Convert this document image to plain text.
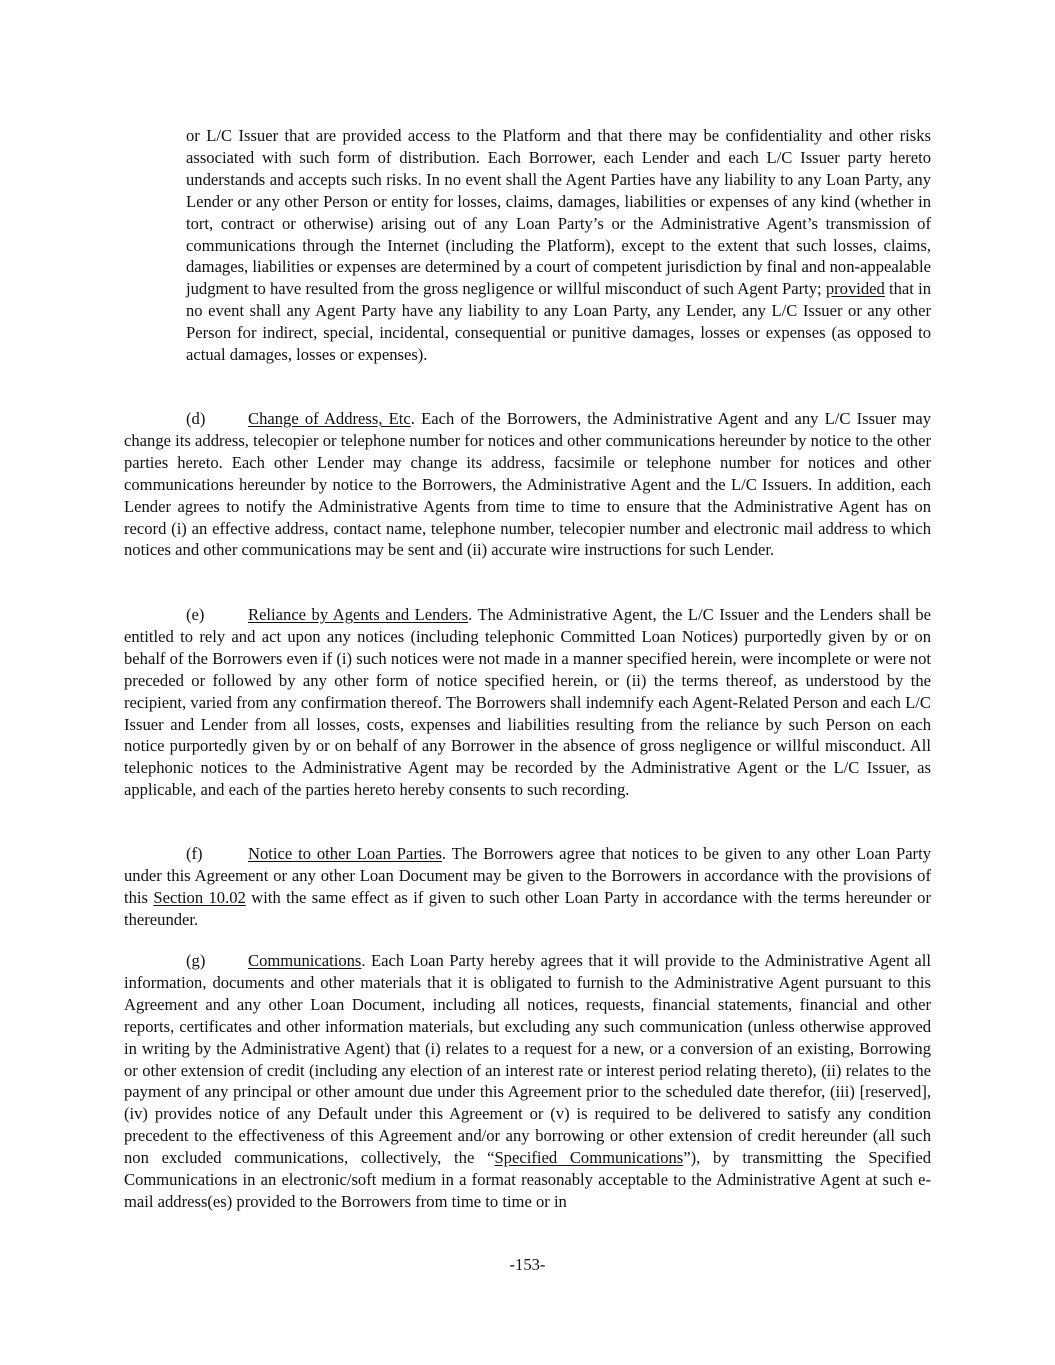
or L/C Issuer that are provided access to the Platform and that there may be confidentiality and other risks associated with such form of distribution. Each Borrower, each Lender and each L/C Issuer party hereto understands and accepts such risks. In no event shall the Agent Parties have any liability to any Loan Party, any Lender or any other Person or entity for losses, claims, damages, liabilities or expenses of any kind (whether in tort, contract or otherwise) arising out of any Loan Party’s or the Administrative Agent’s transmission of communications through the Internet (including the Platform), except to the extent that such losses, claims, damages, liabilities or expenses are determined by a court of competent jurisdiction by final and non-appealable judgment to have resulted from the gross negligence or willful misconduct of such Agent Party; provided that in no event shall any Agent Party have any liability to any Loan Party, any Lender, any L/C Issuer or any other Person for indirect, special, incidental, consequential or punitive damages, losses or expenses (as opposed to actual damages, losses or expenses).

(d)	Change of Address, Etc. Each of the Borrowers, the Administrative Agent and any L/C Issuer may change its address, telecopier or telephone number for notices and other communications hereunder by notice to the other parties hereto. Each other Lender may change its address, facsimile or telephone number for notices and other communications hereunder by notice to the Borrowers, the Administrative Agent and the L/C Issuers. In addition, each Lender agrees to notify the Administrative Agents from time to time to ensure that the Administrative Agent has on record (i) an effective address, contact name, telephone number, telecopier number and electronic mail address to which notices and other communications may be sent and (ii) accurate wire instructions for such Lender.

(e)	Reliance by Agents and Lenders. The Administrative Agent, the L/C Issuer and the Lenders shall be entitled to rely and act upon any notices (including telephonic Committed Loan Notices) purportedly given by or on behalf of the Borrowers even if (i) such notices were not made in a manner specified herein, were incomplete or were not preceded or followed by any other form of notice specified herein, or (ii) the terms thereof, as understood by the recipient, varied from any confirmation thereof. The Borrowers shall indemnify each Agent-Related Person and each L/C Issuer and Lender from all losses, costs, expenses and liabilities resulting from the reliance by such Person on each notice purportedly given by or on behalf of any Borrower in the absence of gross negligence or willful misconduct. All telephonic notices to the Administrative Agent may be recorded by the Administrative Agent or the L/C Issuer, as applicable, and each of the parties hereto hereby consents to such recording.

(f)	Notice to other Loan Parties. The Borrowers agree that notices to be given to any other Loan Party under this Agreement or any other Loan Document may be given to the Borrowers in accordance with the provisions of this Section 10.02 with the same effect as if given to such other Loan Party in accordance with the terms hereunder or thereunder.

(g)	Communications. Each Loan Party hereby agrees that it will provide to the Administrative Agent all information, documents and other materials that it is obligated to furnish to the Administrative Agent pursuant to this Agreement and any other Loan Document, including all notices, requests, financial statements, financial and other reports, certificates and other information materials, but excluding any such communication (unless otherwise approved in writing by the Administrative Agent) that (i) relates to a request for a new, or a conversion of an existing, Borrowing or other extension of credit (including any election of an interest rate or interest period relating thereto), (ii) relates to the payment of any principal or other amount due under this Agreement prior to the scheduled date therefor, (iii) [reserved], (iv) provides notice of any Default under this Agreement or (v) is required to be delivered to satisfy any condition precedent to the effectiveness of this Agreement and/or any borrowing or other extension of credit hereunder (all such non excluded communications, collectively, the “Specified Communications”), by transmitting the Specified Communications in an electronic/soft medium in a format reasonably acceptable to the Administrative Agent at such e-mail address(es) provided to the Borrowers from time to time or in

-153-
